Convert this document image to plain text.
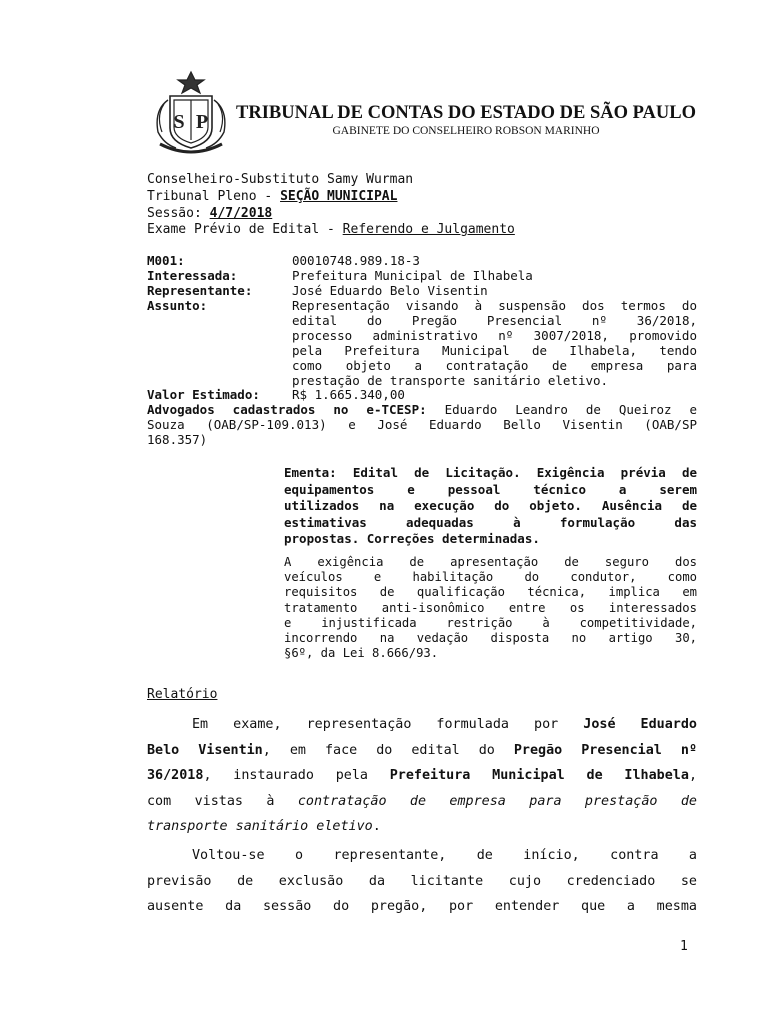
S P TRIBUNAL DE CONTAS DO ESTADO DE SÃO PAULO
GABINETE DO CONSELHEIRO ROBSON MARINHO
Conselheiro-Substituto Samy Wurman
Tribunal Pleno - SEÇÃO MUNICIPAL
Sessão: 4/7/2018
Exame Prévio de Edital - Referendo e Julgamento
M001:	00010748.989.18-3
Interessada:	Prefeitura Municipal de Ilhabela
Representante:	José Eduardo Belo Visentin
Assunto:	Representação visando à suspensão dos termos do
edital do Pregão Presencial nº 36/2018,
processo administrativo nº 3007/2018, promovido
pela Prefeitura Municipal de Ilhabela, tendo
como objeto a contratação de empresa para
prestação de transporte sanitário eletivo.
Valor Estimado:	R$ 1.665.340,00
Advogados cadastrados no e-TCESP: Eduardo Leandro de Queiroz e
Souza (OAB/SP-109.013) e José Eduardo Bello Visentin (OAB/SP
168.357)
Ementa: Edital de Licitação. Exigência prévia de
equipamentos e pessoal técnico a serem
utilizados na execução do objeto. Ausência de
estimativas adequadas à formulação das
propostas. Correções determinadas.
A exigência de apresentação de seguro dos
veículos e habilitação do condutor, como
requisitos de qualificação técnica, implica em
tratamento anti-isonômico entre os interessados
e injustificada restrição à competitividade,
incorrendo na vedação disposta no artigo 30,
§6º, da Lei 8.666/93.
Relatório
Em exame, representação formulada por José Eduardo
Belo Visentin, em face do edital do Pregão Presencial nº
36/2018, instaurado pela Prefeitura Municipal de Ilhabela,
com vistas à contratação de empresa para prestação de
transporte sanitário eletivo.
Voltou-se o representante, de início, contra a
previsão de exclusão da licitante cujo credenciado se
ausente da sessão do pregão, por entender que a mesma
1
